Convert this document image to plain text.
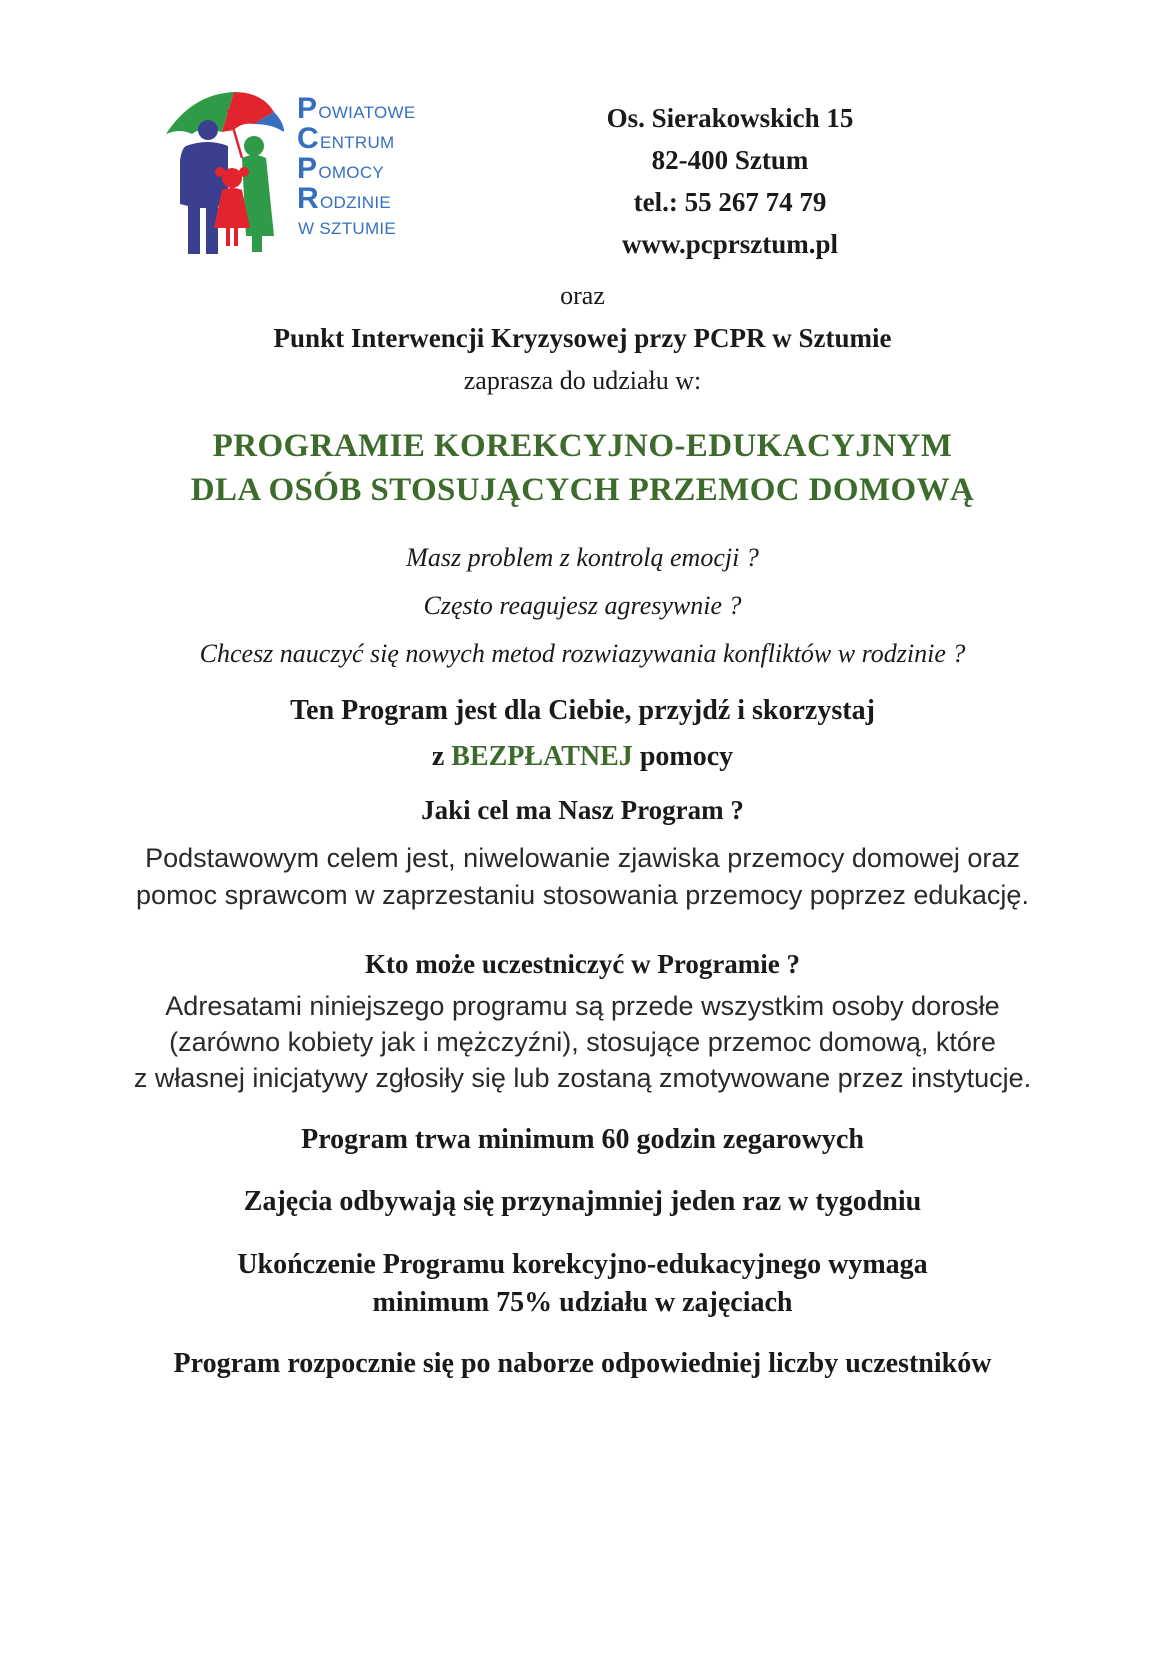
P OWIATOWE
C ENTRUM
P OMOCY
R ODZINIE
W SZTUMIE
Os. Sierakowskich 15
82-400 Sztum
tel.: 55 267 74 79
www.pcprsztum.pl
oraz
Punkt Interwencji Kryzysowej przy PCPR w Sztumie
zaprasza do udziału w:
PROGRAMIE KOREKCYJNO-EDUKACYJNYM
DLA OSÓB STOSUJĄCYCH PRZEMOC DOMOWĄ
Masz problem z kontrolą emocji ?
Często reagujesz agresywnie ?
Chcesz nauczyć się nowych metod rozwiazywania konfliktów w rodzinie ?
Ten Program jest dla Ciebie, przyjdź i skorzystaj
z BEZPŁATNEJ pomocy
Jaki cel ma Nasz Program ?
Podstawowym celem jest, niwelowanie zjawiska przemocy domowej oraz
pomoc sprawcom w zaprzestaniu stosowania przemocy poprzez edukację.
Kto może uczestniczyć w Programie ?
Adresatami niniejszego programu są przede wszystkim osoby dorosłe
(zarówno kobiety jak i mężczyźni), stosujące przemoc domową, które
z własnej inicjatywy zgłosiły się lub zostaną zmotywowane przez instytucje.
Program trwa minimum 60 godzin zegarowych
Zajęcia odbywają się przynajmniej jeden raz w tygodniu
Ukończenie Programu korekcyjno-edukacyjnego wymaga
minimum 75% udziału w zajęciach
Program rozpocznie się po naborze odpowiedniej liczby uczestników
